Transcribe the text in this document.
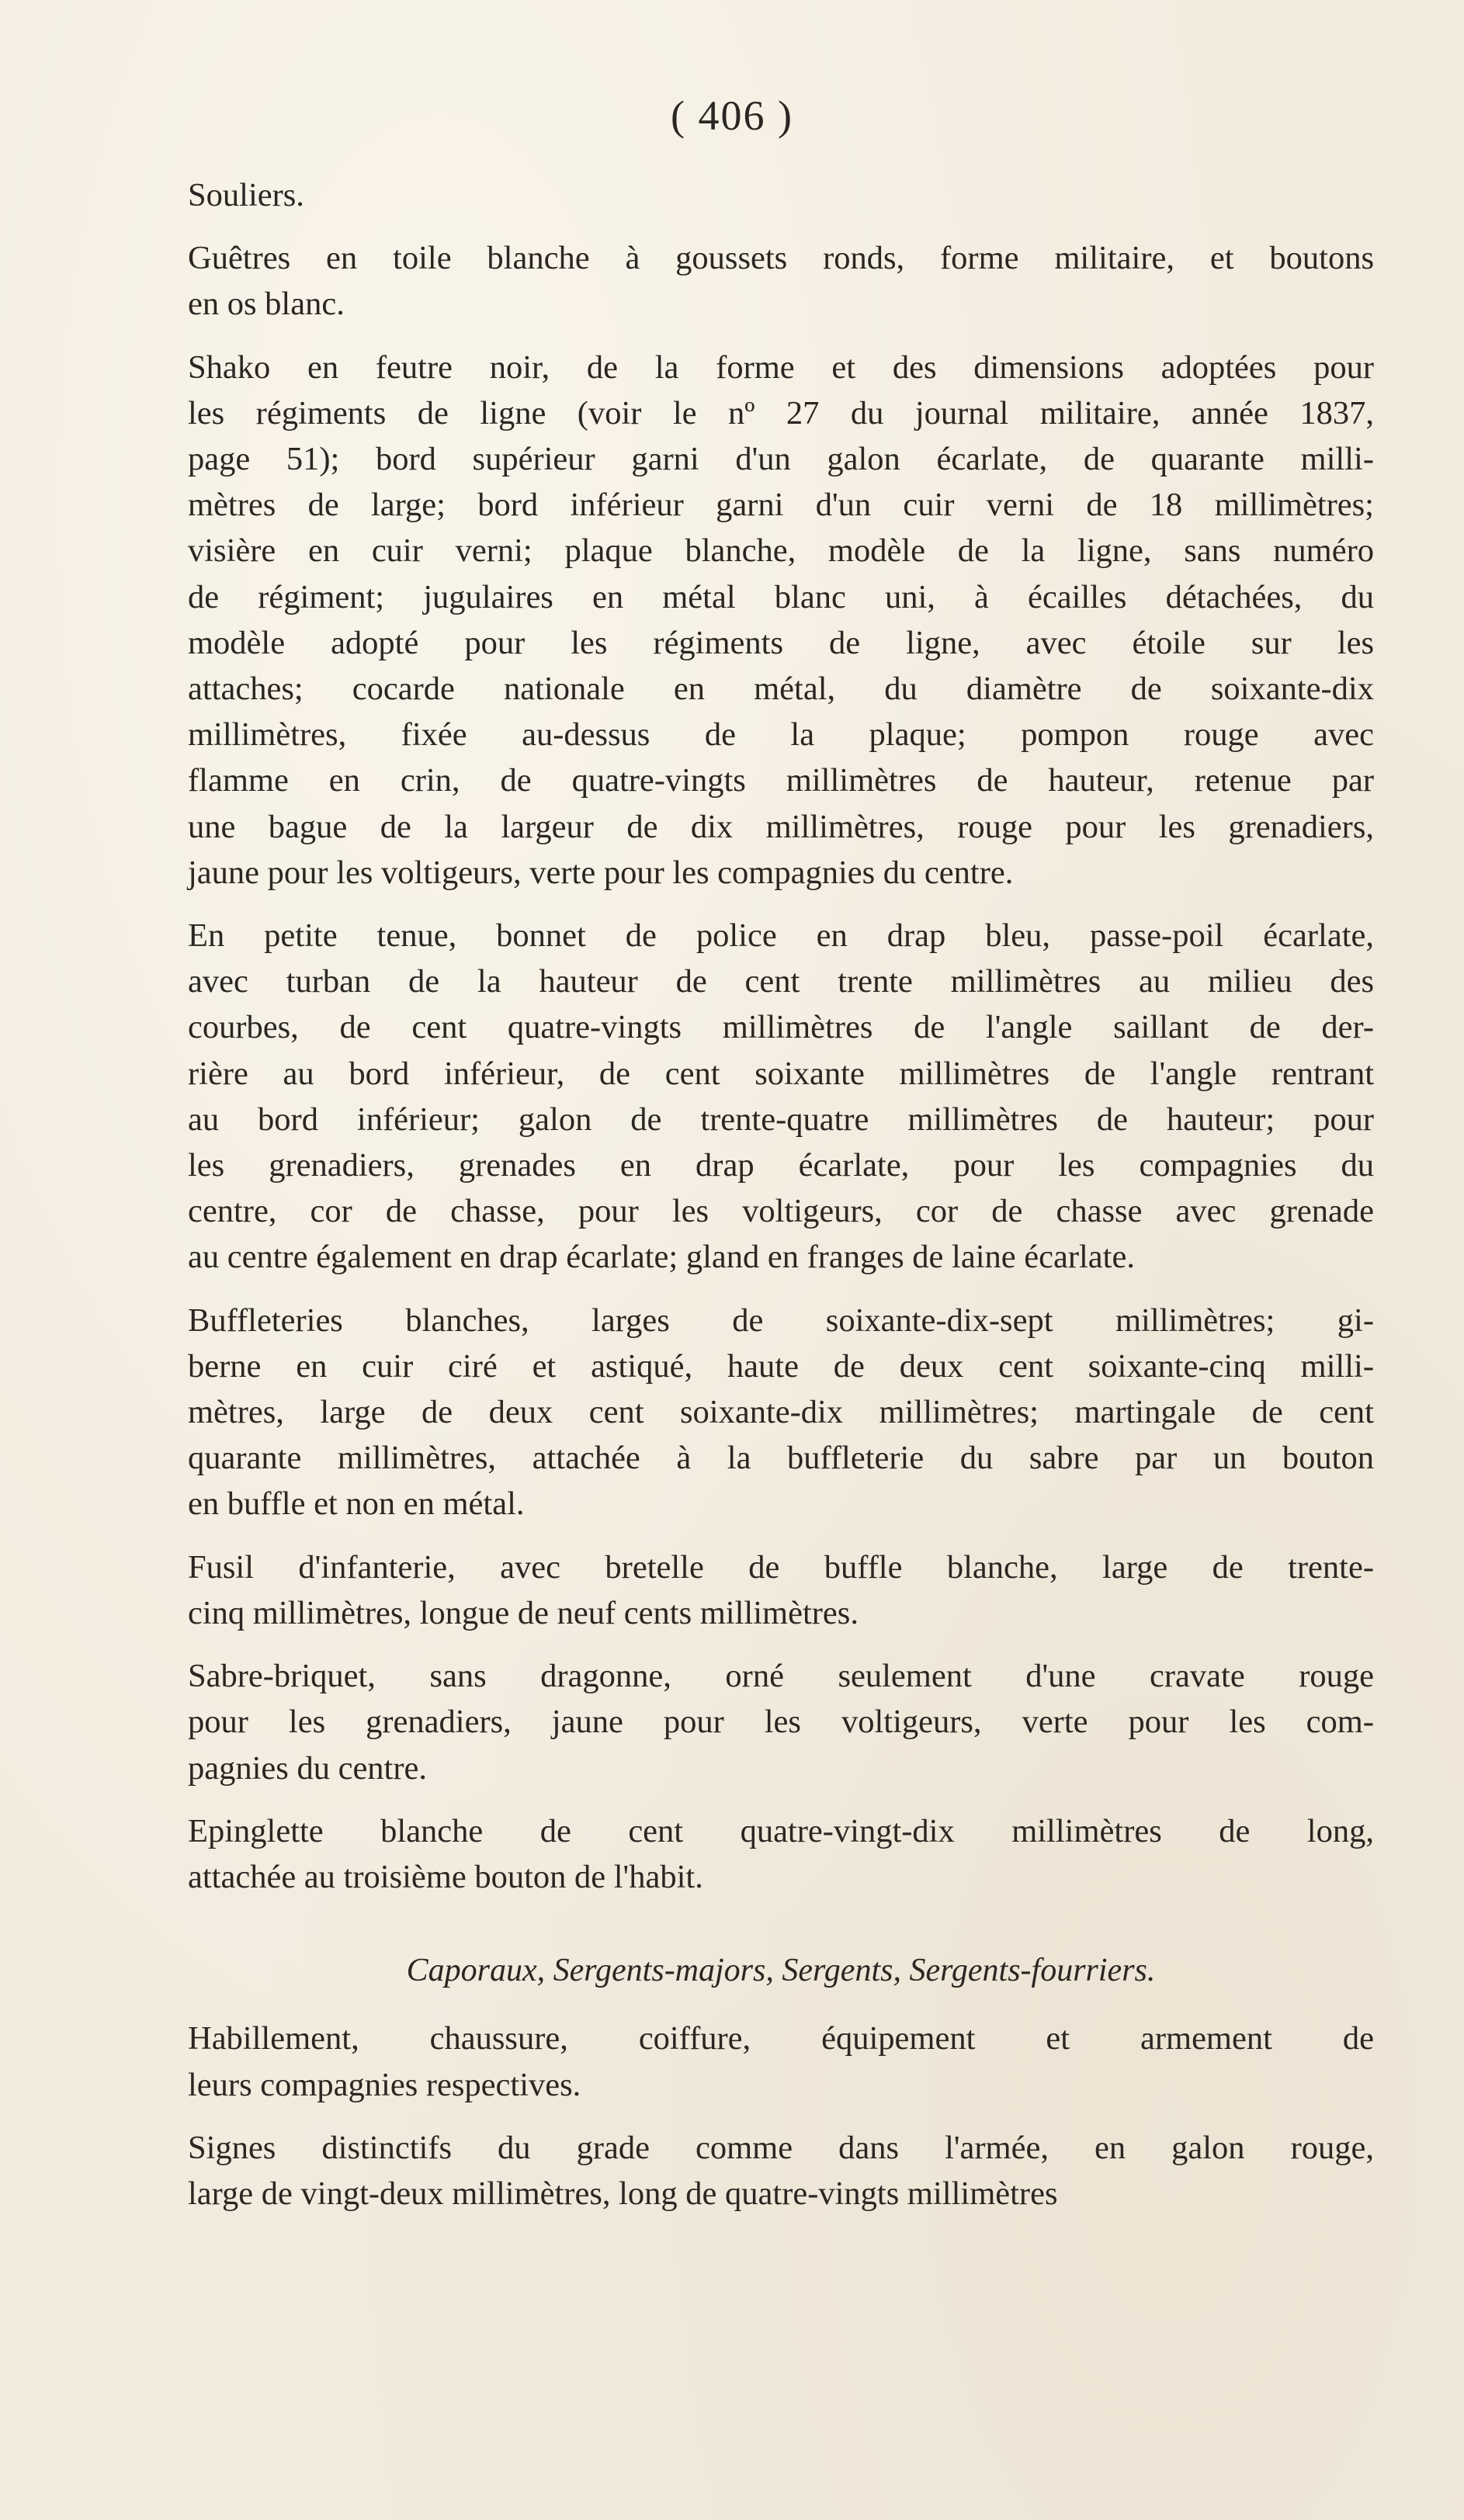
( 406 )
Souliers.
Guêtres en toile blanche à goussets ronds, forme militaire, et boutons
en os blanc.
Shako en feutre noir, de la forme et des dimensions adoptées pour
les régiments de ligne (voir le nº 27 du journal militaire, année 1837,
page 51); bord supérieur garni d'un galon écarlate, de quarante milli-
mètres de large; bord inférieur garni d'un cuir verni de 18 millimètres;
visière en cuir verni; plaque blanche, modèle de la ligne, sans numéro
de régiment; jugulaires en métal blanc uni, à écailles détachées, du
modèle adopté pour les régiments de ligne, avec étoile sur les
attaches; cocarde nationale en métal, du diamètre de soixante-dix
millimètres, fixée au-dessus de la plaque; pompon rouge avec
flamme en crin, de quatre-vingts millimètres de hauteur, retenue par
une bague de la largeur de dix millimètres, rouge pour les grenadiers,
jaune pour les voltigeurs, verte pour les compagnies du centre.
En petite tenue, bonnet de police en drap bleu, passe-poil écarlate,
avec turban de la hauteur de cent trente millimètres au milieu des
courbes, de cent quatre-vingts millimètres de l'angle saillant de der-
rière au bord inférieur, de cent soixante millimètres de l'angle rentrant
au bord inférieur; galon de trente-quatre millimètres de hauteur; pour
les grenadiers, grenades en drap écarlate, pour les compagnies du
centre, cor de chasse, pour les voltigeurs, cor de chasse avec grenade
au centre également en drap écarlate; gland en franges de laine écarlate.
Buffleteries blanches, larges de soixante-dix-sept millimètres; gi-
berne en cuir ciré et astiqué, haute de deux cent soixante-cinq milli-
mètres, large de deux cent soixante-dix millimètres; martingale de cent
quarante millimètres, attachée à la buffleterie du sabre par un bouton
en buffle et non en métal.
Fusil d'infanterie, avec bretelle de buffle blanche, large de trente-
cinq millimètres, longue de neuf cents millimètres.
Sabre-briquet, sans dragonne, orné seulement d'une cravate rouge
pour les grenadiers, jaune pour les voltigeurs, verte pour les com-
pagnies du centre.
Epinglette blanche de cent quatre-vingt-dix millimètres de long,
attachée au troisième bouton de l'habit.
Caporaux, Sergents-majors, Sergents, Sergents-fourriers.
Habillement, chaussure, coiffure, équipement et armement de
leurs compagnies respectives.
Signes distinctifs du grade comme dans l'armée, en galon rouge,
large de vingt-deux millimètres, long de quatre-vingts millimètres
